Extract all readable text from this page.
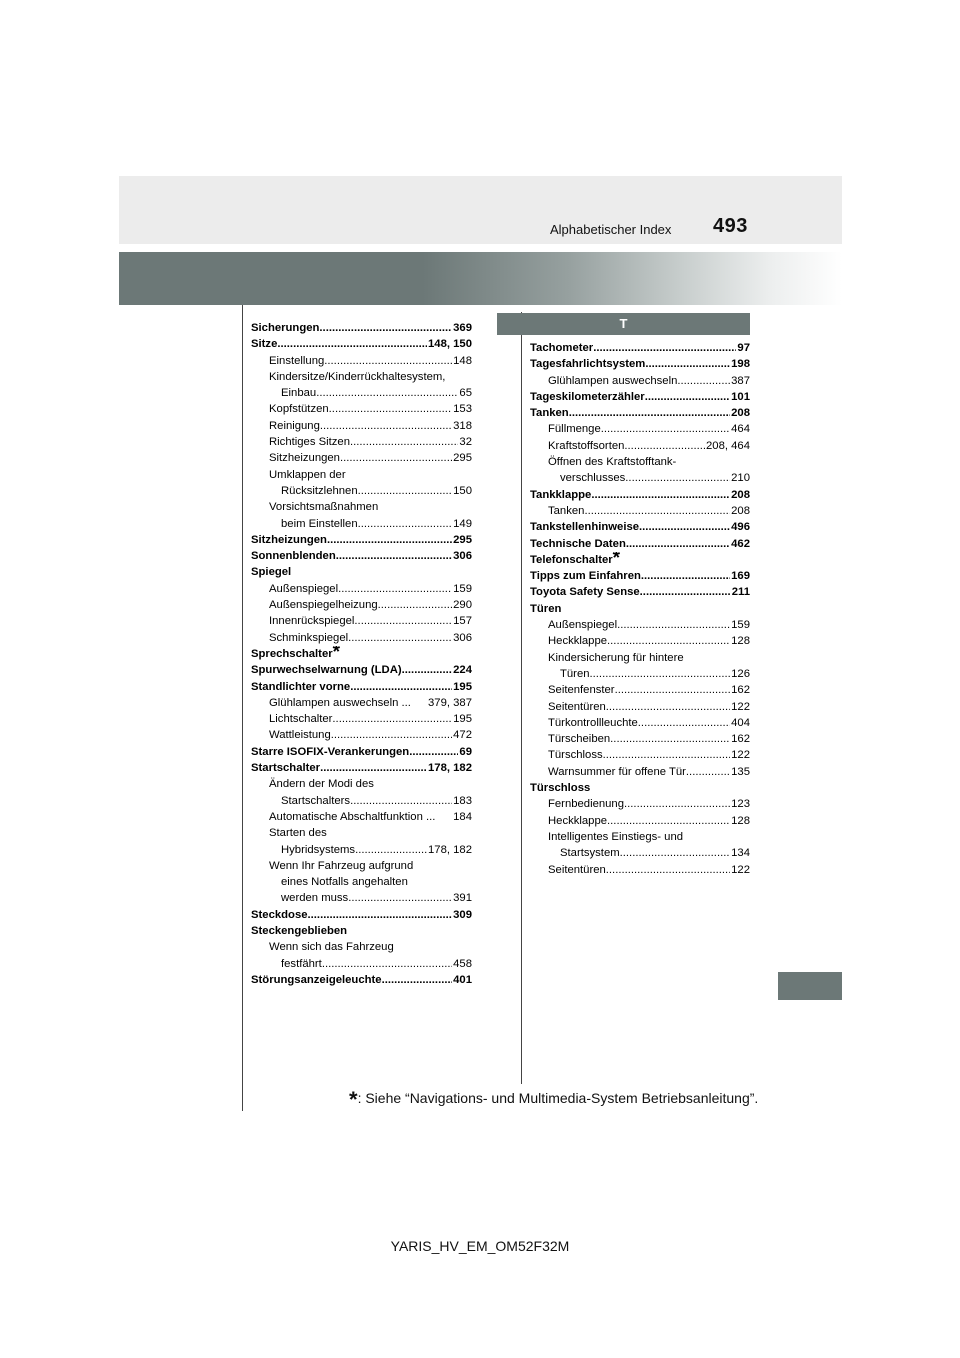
Alphabetischer Index 493
T
Sicherungen .....	369
Sitze .....	148, 150
Einstellung .....	148
Kindersitze/Kinderrückhaltesystem,
Einbau .....	65
Kopfstützen .....	153
Reinigung .....	318
Richtiges Sitzen .....	32
Sitzheizungen .....	295
Umklappen der
Rücksitzlehnen .....	150
Vorsichtsmaßnahmen
beim Einstellen .....	149
Sitzheizungen .....	295
Sonnenblenden .....	306
Spiegel
Außenspiegel .....	159
Außenspiegelheizung .....	290
Innenrückspiegel .....	157
Schminkspiegel .....	306
Sprechschalter*
Spurwechselwarnung (LDA) .....	224
Standlichter vorne .....	195
Glühlampen auswechseln ... 379, 387
Lichtschalter .....	195
Wattleistung .....	472
Starre ISOFIX-Verankerungen .....	69
Startschalter .....	178, 182
Ändern der Modi des
Startschalters .....	183
Automatische Abschaltfunktion ... 184
Starten des
Hybridsystems .....	178, 182
Wenn Ihr Fahrzeug aufgrund
eines Notfalls angehalten
werden muss .....	391
Steckdose .....	309
Steckengeblieben
Wenn sich das Fahrzeug
festfährt .....	458
Störungsanzeigeleuchte .....	401
Tachometer .....	97
Tagesfahrlichtsystem .....	198
Glühlampen auswechseln .....	387
Tageskilometerzähler .....	101
Tanken .....	208
Füllmenge .....	464
Kraftstoffsorten .....	208, 464
Öffnen des Kraftstofftank-
verschlusses .....	210
Tankklappe .....	208
Tanken .....	208
Tankstellenhinweise .....	496
Technische Daten .....	462
Telefonschalter*
Tipps zum Einfahren .....	169
Toyota Safety Sense .....	211
Türen
Außenspiegel .....	159
Heckklappe .....	128
Kindersicherung für hintere
Türen .....	126
Seitenfenster .....	162
Seitentüren .....	122
Türkontrollleuchte .....	404
Türscheiben .....	162
Türschloss .....	122
Warnsummer für offene Tür .....	135
Türschloss
Fernbedienung .....	123
Heckklappe .....	128
Intelligentes Einstiegs- und
Startsystem .....	134
Seitentüren .....	122
*: Siehe “Navigations- und Multimedia-System Betriebsanleitung”.
YARIS_HV_EM_OM52F32M
